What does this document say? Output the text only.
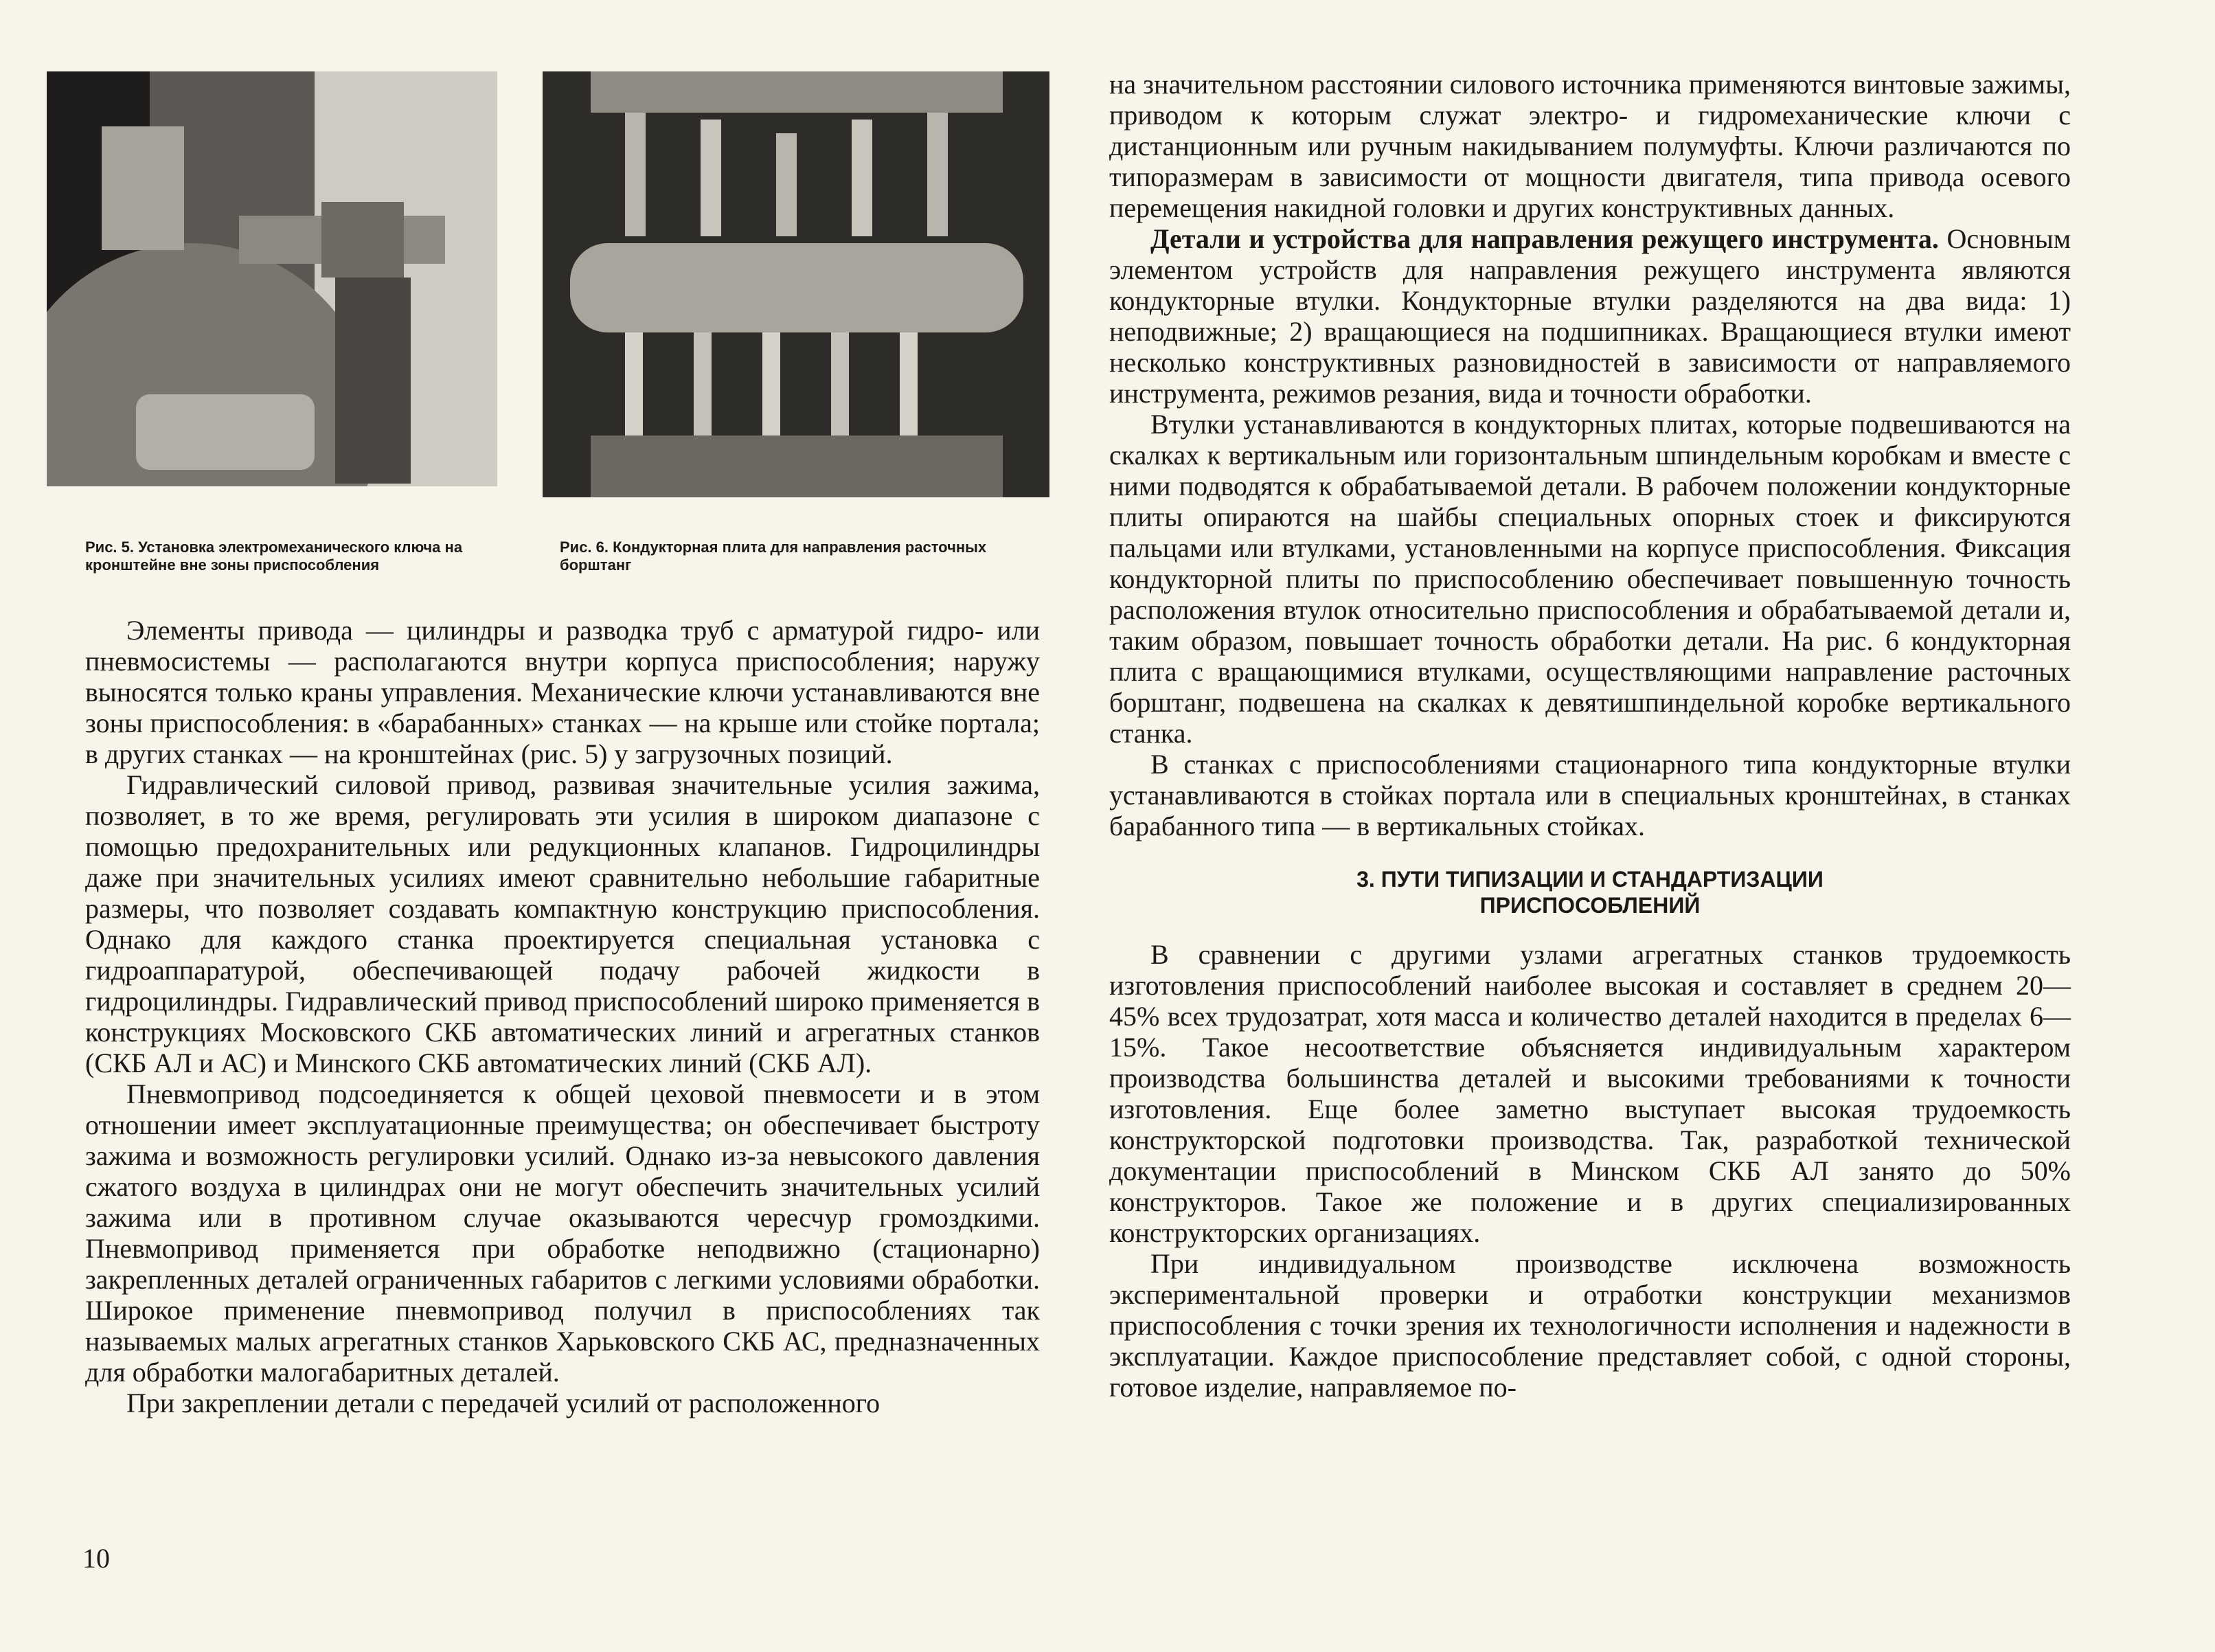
Рис. 5. Установка электромеханического ключа на кронштейне вне зоны приспособления
Рис. 6. Кондукторная плита для направления расточных борштанг

Элементы привода — цилиндры и разводка труб с арматурой гидро- или пневмосистемы — располагаются внутри корпуса приспособления; наружу выносятся только краны управления. Механические ключи устанавливаются вне зоны приспособления: в «барабанных» станках — на крыше или стойке портала; в других станках — на кронштейнах (рис. 5) у загрузочных позиций.

Гидравлический силовой привод, развивая значительные усилия зажима, позволяет, в то же время, регулировать эти усилия в широком диапазоне с помощью предохранительных или редукционных клапанов. Гидроцилиндры даже при значительных усилиях имеют сравнительно небольшие габаритные размеры, что позволяет создавать компактную конструкцию приспособления. Однако для каждого станка проектируется специальная установка с гидроаппаратурой, обеспечивающей подачу рабочей жидкости в гидроцилиндры. Гидравлический привод приспособлений широко применяется в конструкциях Московского СКБ автоматических линий и агрегатных станков (СКБ АЛ и АС) и Минского СКБ автоматических линий (СКБ АЛ).

Пневмопривод подсоединяется к общей цеховой пневмосети и в этом отношении имеет эксплуатационные преимущества; он обеспечивает быстроту зажима и возможность регулировки усилий. Однако из-за невысокого давления сжатого воздуха в цилиндрах они не могут обеспечить значительных усилий зажима или в противном случае оказываются чересчур громоздкими. Пневмопривод применяется при обработке неподвижно (стационарно) закрепленных деталей ограниченных габаритов с легкими условиями обработки. Широкое применение пневмопривод получил в приспособлениях так называемых малых агрегатных станков Харьковского СКБ АС, предназначенных для обработки малогабаритных деталей.

При закреплении детали с передачей усилий от расположенного

10

на значительном расстоянии силового источника применяются винтовые зажимы, приводом к которым служат электро- и гидромеханические ключи с дистанционным или ручным накидыванием полумуфты. Ключи различаются по типоразмерам в зависимости от мощности двигателя, типа привода осевого перемещения накидной головки и других конструктивных данных.

Детали и устройства для направления режущего инструмента. Основным элементом устройств для направления режущего инструмента являются кондукторные втулки. Кондукторные втулки разделяются на два вида: 1) неподвижные; 2) вращающиеся на подшипниках. Вращающиеся втулки имеют несколько конструктивных разновидностей в зависимости от направляемого инструмента, режимов резания, вида и точности обработки.

Втулки устанавливаются в кондукторных плитах, которые подвешиваются на скалках к вертикальным или горизонтальным шпиндельным коробкам и вместе с ними подводятся к обрабатываемой детали. В рабочем положении кондукторные плиты опираются на шайбы специальных опорных стоек и фиксируются пальцами или втулками, установленными на корпусе приспособления. Фиксация кондукторной плиты по приспособлению обеспечивает повышенную точность расположения втулок относительно приспособления и обрабатываемой детали и, таким образом, повышает точность обработки детали. На рис. 6 кондукторная плита с вращающимися втулками, осуществляющими направление расточных борштанг, подвешена на скалках к девятишпиндельной коробке вертикального станка.

В станках с приспособлениями стационарного типа кондукторные втулки устанавливаются в стойках портала или в специальных кронштейнах, в станках барабанного типа — в вертикальных стойках.

3. ПУТИ ТИПИЗАЦИИ И СТАНДАРТИЗАЦИИ
ПРИСПОСОБЛЕНИЙ

В сравнении с другими узлами агрегатных станков трудоемкость изготовления приспособлений наиболее высокая и составляет в среднем 20—45% всех трудозатрат, хотя масса и количество деталей находится в пределах 6—15%. Такое несоответствие объясняется индивидуальным характером производства большинства деталей и высокими требованиями к точности изготовления. Еще более заметно выступает высокая трудоемкость конструкторской подготовки производства. Так, разработкой технической документации приспособлений в Минском СКБ АЛ занято до 50% конструкторов. Такое же положение и в других специализированных конструкторских организациях.

При индивидуальном производстве исключена возможность экспериментальной проверки и отработки конструкции механизмов приспособления с точки зрения их технологичности исполнения и надежности в эксплуатации. Каждое приспособление представляет собой, с одной стороны, готовое изделие, направляемое по-
